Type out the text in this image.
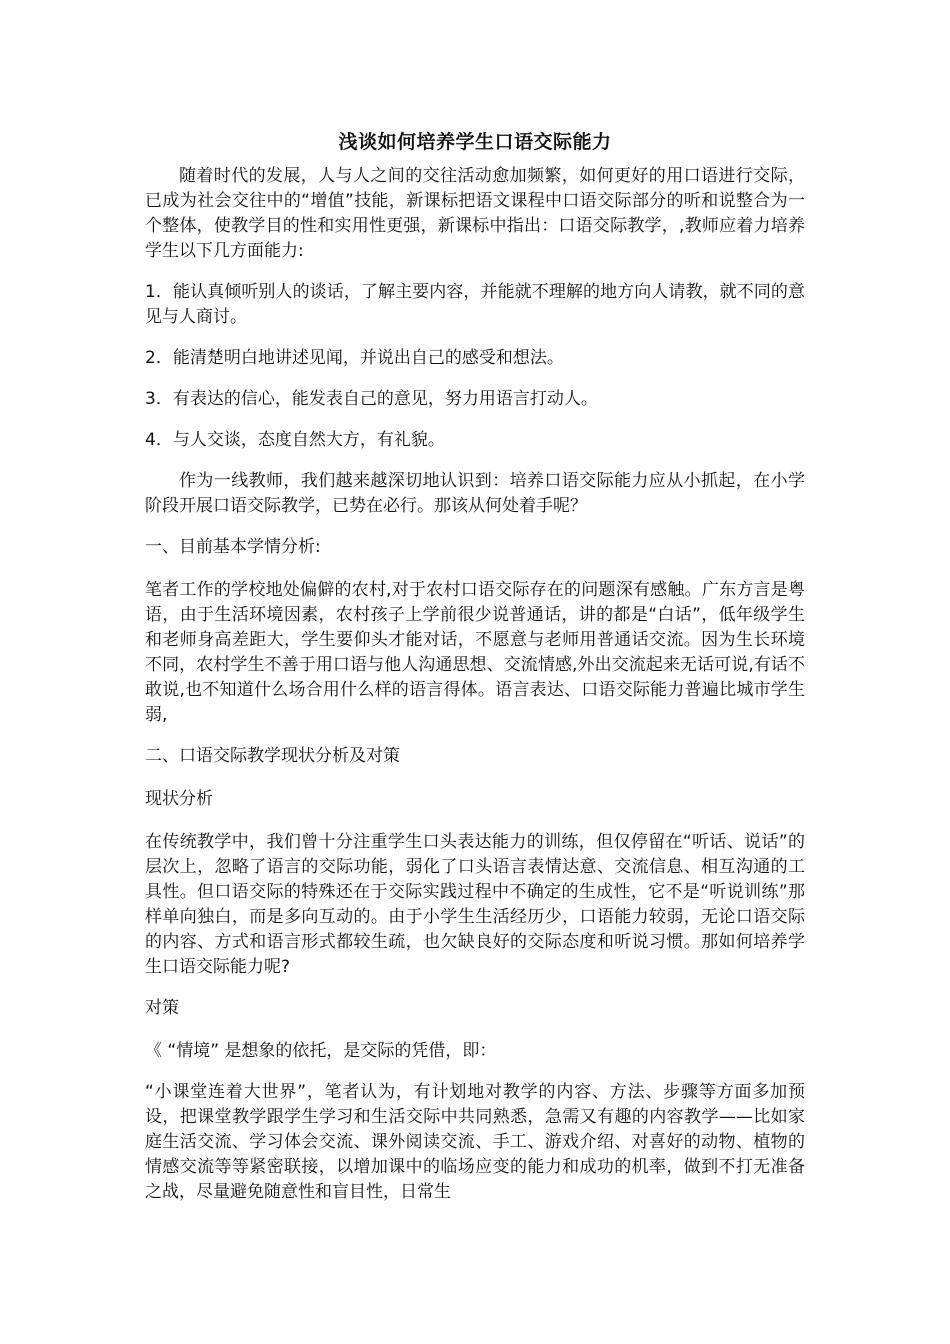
浅谈如何培养学生口语交际能力

随着时代的发展，人与人之间的交往活动愈加频繁，如何更好的用口语进行交际，已成为社会交往中的“增值”技能，新课标把语文课程中口语交际部分的听和说整合为一个整体，使教学目的性和实用性更强，新课标中指出：口语交际教学，,教师应着力培养学生以下几方面能力:

1．能认真倾听别人的谈话，了解主要内容，并能就不理解的地方向人请教，就不同的意见与人商讨。

2．能清楚明白地讲述见闻，并说出自己的感受和想法。

3．有表达的信心，能发表自己的意见，努力用语言打动人。

4．与人交谈，态度自然大方，有礼貌。

作为一线教师，我们越来越深切地认识到：培养口语交际能力应从小抓起，在小学阶段开展口语交际教学，已势在必行。那该从何处着手呢？

一、目前基本学情分析:

笔者工作的学校地处偏僻的农村,对于农村口语交际存在的问题深有感触。广东方言是粤语，由于生活环境因素，农村孩子上学前很少说普通话，讲的都是“白话”，低年级学生和老师身高差距大，学生要仰头才能对话，不愿意与老师用普通话交流。因为生长环境不同，农村学生不善于用口语与他人沟通思想、交流情感,外出交流起来无话可说,有话不敢说,也不知道什么场合用什么样的语言得体。语言表达、口语交际能力普遍比城市学生弱,

二、口语交际教学现状分析及对策

现状分析

在传统教学中，我们曾十分注重学生口头表达能力的训练，但仅停留在“听话、说话”的层次上，忽略了语言的交际功能，弱化了口头语言表情达意、交流信息、相互沟通的工具性。但口语交际的特殊还在于交际实践过程中不确定的生成性，它不是“听说训练”那样单向独白，而是多向互动的。由于小学生生活经历少，口语能力较弱，无论口语交际的内容、方式和语言形式都较生疏，也欠缺良好的交际态度和听说习惯。那如何培养学生口语交际能力呢?

对策

《 “情境” 是想象的依托，是交际的凭借，即：

“小课堂连着大世界”，笔者认为，有计划地对教学的内容、方法、步骤等方面多加预设，把课堂教学跟学生学习和生活交际中共同熟悉，急需又有趣的内容教学——比如家庭生活交流、学习体会交流、课外阅读交流、手工、游戏介绍、对喜好的动物、植物的情感交流等等紧密联接，以增加课中的临场应变的能力和成功的机率，做到不打无准备之战，尽量避免随意性和盲目性，日常生
